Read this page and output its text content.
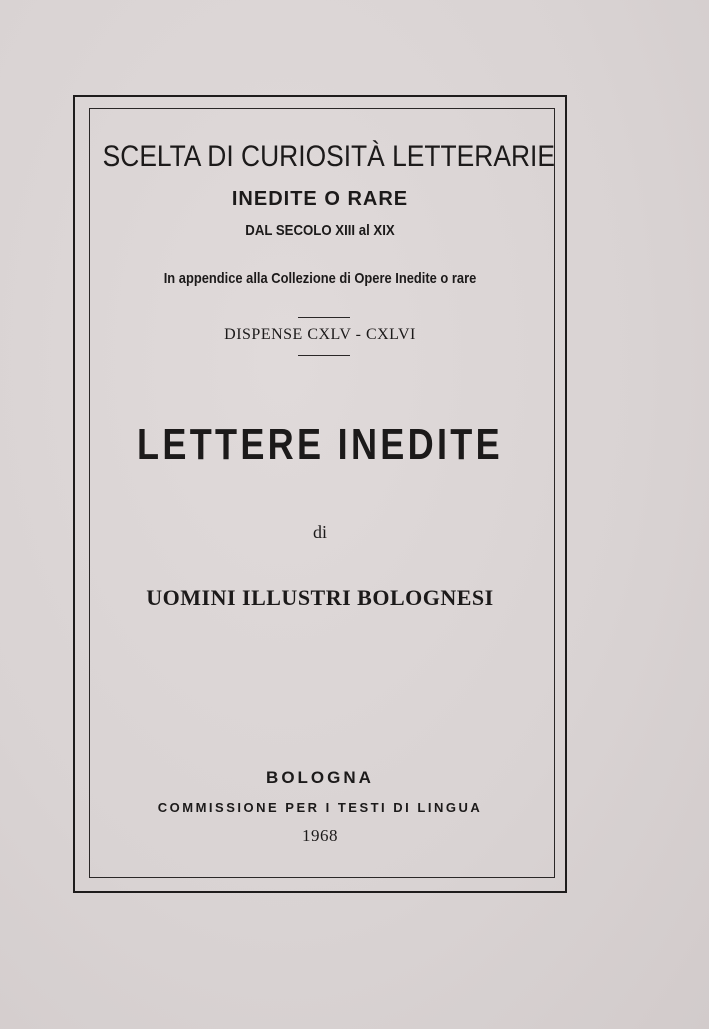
SCELTA DI CURIOSITÀ LETTERARIE
INEDITE O RARE
DAL SECOLO XIII al XIX
In appendice alla Collezione di Opere Inedite o rare
DISPENSE CXLV - CXLVI
LETTERE INEDITE
di
UOMINI ILLUSTRI BOLOGNESI
BOLOGNA
COMMISSIONE PER I TESTI DI LINGUA
1968
